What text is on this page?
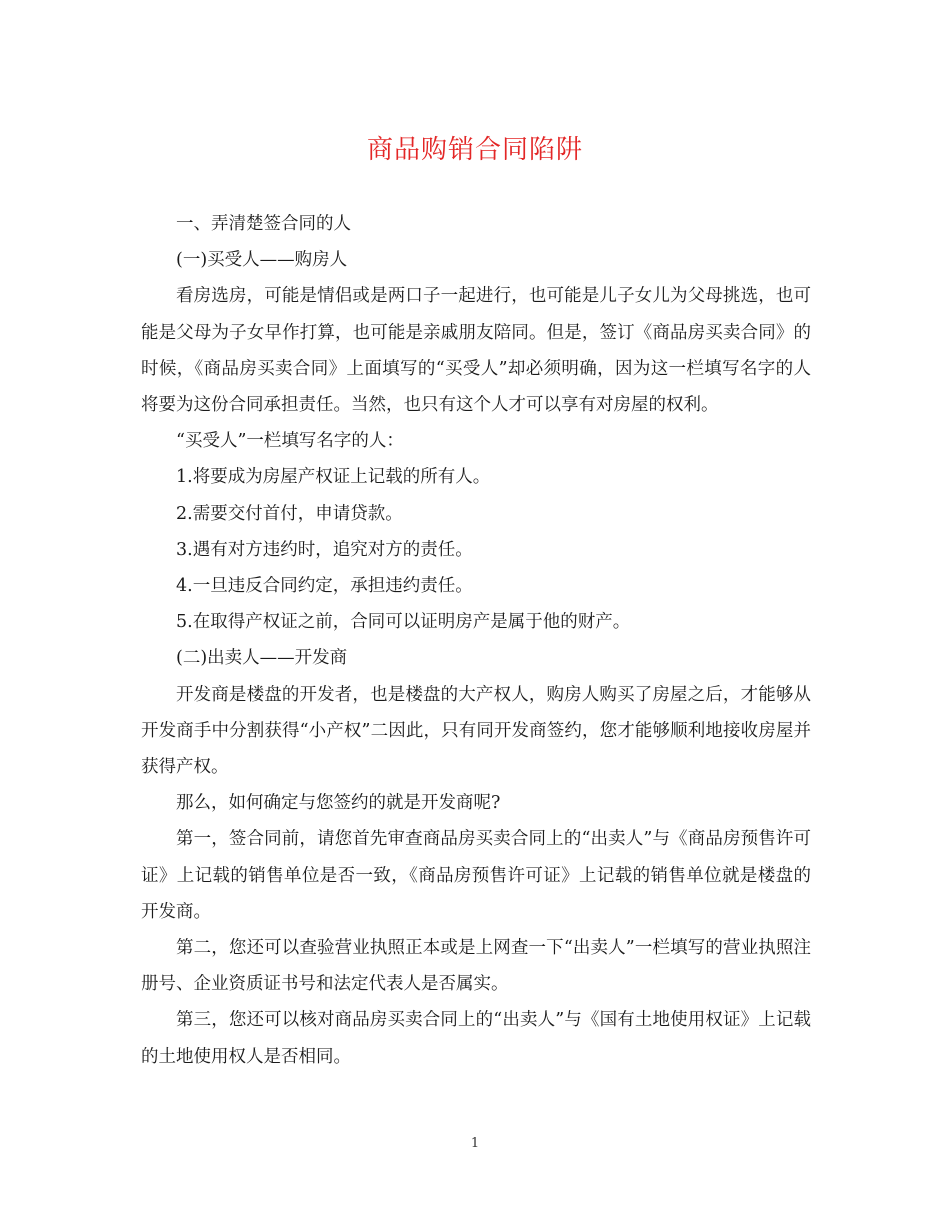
商品购销合同陷阱

一、弄清楚签合同的人

(一)买受人——购房人

看房选房，可能是情侣或是两口子一起进行，也可能是儿子女儿为父母挑选，也可能是父母为子女早作打算，也可能是亲戚朋友陪同。但是，签订《商品房买卖合同》的时候，《商品房买卖合同》上面填写的“买受人”却必须明确，因为这一栏填写名字的人将要为这份合同承担责任。当然，也只有这个人才可以享有对房屋的权利。

“买受人”一栏填写名字的人：

1.将要成为房屋产权证上记载的所有人。

2.需要交付首付，申请贷款。

3.遇有对方违约时，追究对方的责任。

4.一旦违反合同约定，承担违约责任。

5.在取得产权证之前，合同可以证明房产是属于他的财产。

(二)出卖人——开发商

开发商是楼盘的开发者，也是楼盘的大产权人，购房人购买了房屋之后，才能够从开发商手中分割获得“小产权”二因此，只有同开发商签约，您才能够顺利地接收房屋并获得产权。

那么，如何确定与您签约的就是开发商呢?

第一，签合同前，请您首先审查商品房买卖合同上的“出卖人”与《商品房预售许可证》上记载的销售单位是否一致，《商品房预售许可证》上记载的销售单位就是楼盘的开发商。

第二，您还可以查验营业执照正本或是上网查一下“出卖人”一栏填写的营业执照注册号、企业资质证书号和法定代表人是否属实。

第三，您还可以核对商品房买卖合同上的“出卖人”与《国有土地使用权证》上记载的土地使用权人是否相同。

1
